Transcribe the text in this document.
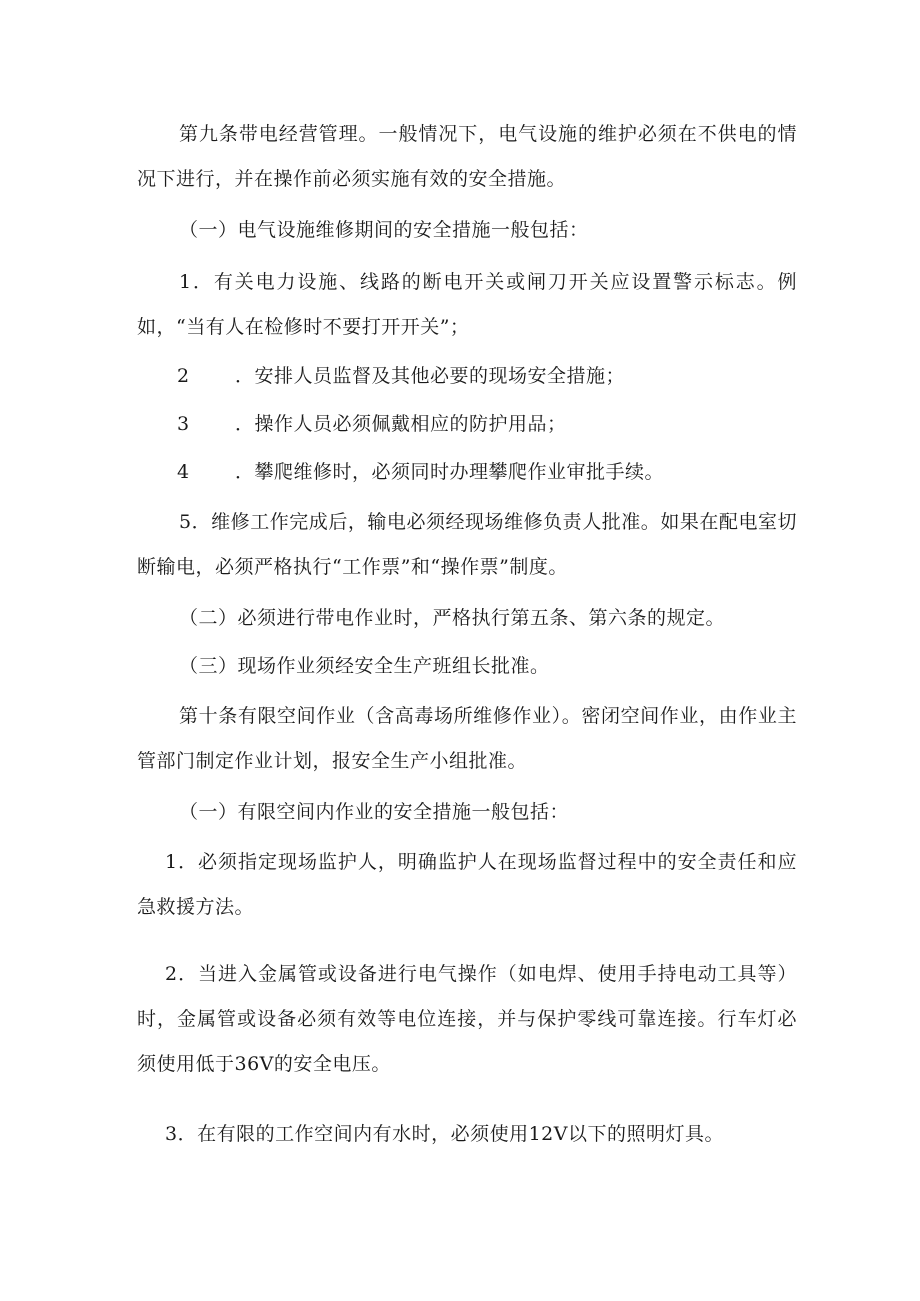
第九条带电经营管理。一般情况下，电气设施的维护必须在不供电的情况下进行，并在操作前必须实施有效的安全措施。
（一）电气设施维修期间的安全措施一般包括：
1．有关电力设施、线路的断电开关或闸刀开关应设置警示标志。例如，“当有人在检修时不要打开开关”；
2 ．安排人员监督及其他必要的现场安全措施；
3 ．操作人员必须佩戴相应的防护用品；
4 ．攀爬维修时，必须同时办理攀爬作业审批手续。
5．维修工作完成后，输电必须经现场维修负责人批准。如果在配电室切断输电，必须严格执行“工作票”和“操作票”制度。
（二）必须进行带电作业时，严格执行第五条、第六条的规定。
（三）现场作业须经安全生产班组长批准。
第十条有限空间作业（含高毒场所维修作业）。密闭空间作业，由作业主管部门制定作业计划，报安全生产小组批准。
（一）有限空间内作业的安全措施一般包括：
1．必须指定现场监护人，明确监护人在现场监督过程中的安全责任和应急救援方法。
2．当进入金属管或设备进行电气操作（如电焊、使用手持电动工具等）时，金属管或设备必须有效等电位连接，并与保护零线可靠连接。行车灯必须使用低于36V的安全电压。
3．在有限的工作空间内有水时，必须使用12V以下的照明灯具。
